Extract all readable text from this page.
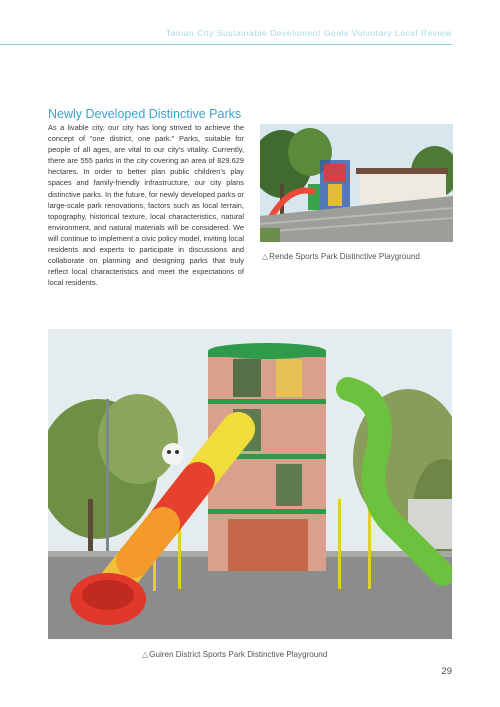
Tainan City Sustainable Develoment Goals Voluntary Local Review
Newly Developed Distinctive Parks
As a livable city, our city has long strived to achieve the concept of “one district, one park.” Parks, suitable for people of all ages, are vital to our city’s vitality. Currently, there are 555 parks in the city covering an area of 829.629 hectares. In order to better plan public children’s play spaces and family-friendly infrastructure, our city plans distinctive parks. In the future, for newly developed parks or large-scale park renovations, factors such as local terrain, topography, historical texture, local characteristics, natural environment, and natural materials will be considered. We will continue to implement a civic policy model, inviting local residents and experts to participate in discussions and collaborate on planning and designing parks that truly reflect local characteristics and meet the expectations of local residents.
△Rende Sports Park Distinctive Playground
△Guiren District Sports Park Distinctive Playground
29
